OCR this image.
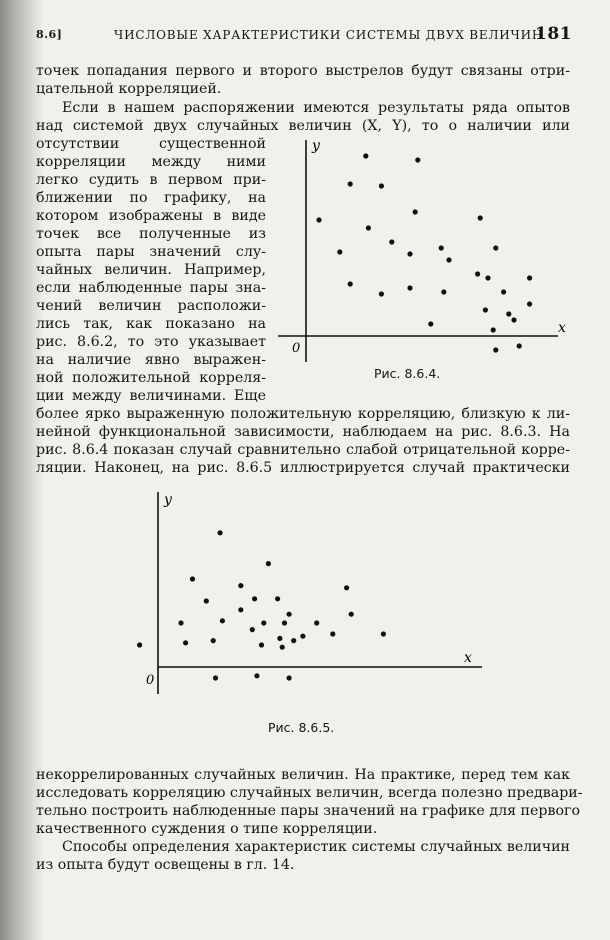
8.6]	ЧИСЛОВЫЕ ХАРАКТЕРИСТИКИ СИСТЕМЫ ДВУХ ВЕЛИЧИН
181
точек попадания первого и второго выстрелов будут связаны отри-
цательной корреляцией.
Если в нашем распоряжении имеются результаты ряда опытов
над системой двух случайных величин (X, Y), то о наличии или
отсутствии существенной
корреляции между ними
легко судить в первом при-
ближении по графику, на
котором изображены в виде
точек все полученные из
опыта пары значений слу-
чайных величин. Например,
если наблюденные пары зна-
чений величин расположи-
лись так, как показано на
рис. 8.6.2, то это указывает
на наличие явно выражен-
ной положительной корреля-
ции между величинами. Еще
y
x
0
Рис. 8.6.4.
более ярко выраженную положительную корреляцию, близкую к ли-
нейной функциональной зависимости, наблюдаем на рис. 8.6.3. На
рис. 8.6.4 показан случай сравнительно слабой отрицательной корре-
ляции. Наконец, на рис. 8.6.5 иллюстрируется случай практически
y
x
0
Рис. 8.6.5.
некоррелированных случайных величин. На практике, перед тем как
исследовать корреляцию случайных величин, всегда полезно предвари-
тельно построить наблюденные пары значений на графике для первого
качественного суждения о типе корреляции.
Способы определения характеристик системы случайных величин
из опыта будут освещены в гл. 14.
